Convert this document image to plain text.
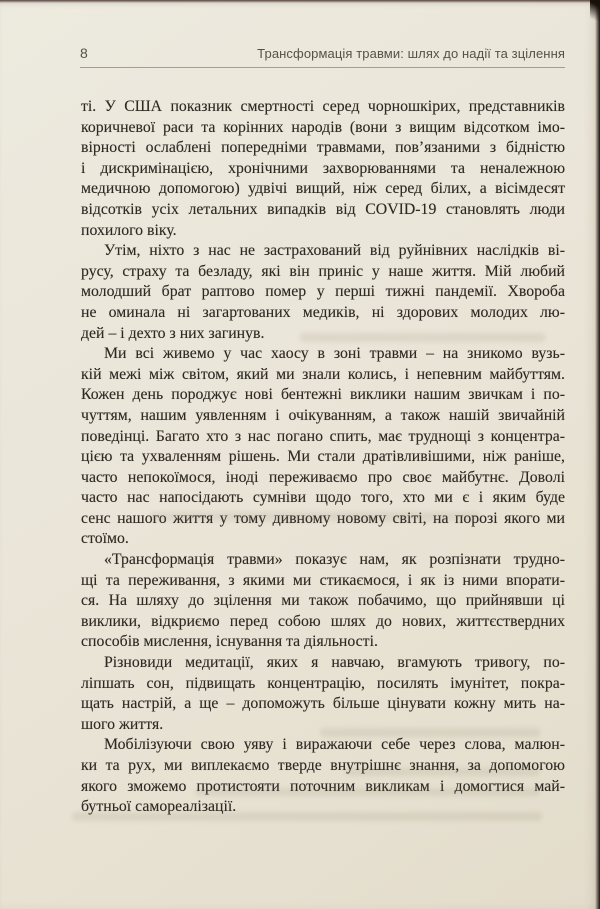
8	Трансформація травми: шлях до надії та зцілення
ті. У США показник смертності серед чорношкірих, представників
коричневої раси та корінних народів (вони з вищим відсотком імо-
вірності ослаблені попередніми травмами, пов’язаними з бідністю
і дискримінацією, хронічними захворюваннями та неналежною
медичною допомогою) удвічі вищий, ніж серед білих, а вісімдесят
відсотків усіх летальних випадків від COVID-19 становлять люди
похилого віку.
Утім, ніхто з нас не застрахований від руйнівних наслідків ві-
русу, страху та безладу, які він приніс у наше життя. Мій любий
молодший брат раптово помер у перші тижні пандемії. Хвороба
не оминала ні загартованих медиків, ні здорових молодих лю-
дей – і дехто з них загинув.
Ми всі живемо у час хаосу в зоні травми – на зникомо вузь-
кій межі між світом, який ми знали колись, і непевним майбуттям.
Кожен день породжує нові бентежні виклики нашим звичкам і по-
чуттям, нашим уявленням і очікуванням, а також нашій звичайній
поведінці. Багато хто з нас погано спить, має труднощі з концентра-
цією та ухваленням рішень. Ми стали дратівливішими, ніж раніше,
часто непокоїмося, іноді переживаємо про своє майбутнє. Доволі
часто нас напосідають сумніви щодо того, хто ми є і яким буде
сенс нашого життя у тому дивному новому світі, на порозі якого ми
стоїмо.
«Трансформація травми» показує нам, як розпізнати трудно-
щі та переживання, з якими ми стикаємося, і як із ними впорати-
ся. На шляху до зцілення ми також побачимо, що прийнявши ці
виклики, відкриємо перед собою шлях до нових, життєствердних
способів мислення, існування та діяльності.
Різновиди медитації, яких я навчаю, вгамують тривогу, по-
ліпшать сон, підвищать концентрацію, посилять імунітет, покра-
щать настрій, а ще – допоможуть більше цінувати кожну мить на-
шого життя.
Мобілізуючи свою уяву і виражаючи себе через слова, малюн-
ки та рух, ми виплекаємо тверде внутрішнє знання, за допомогою
якого зможемо протистояти поточним викликам і домогтися май-
бутньої самореалізації.
